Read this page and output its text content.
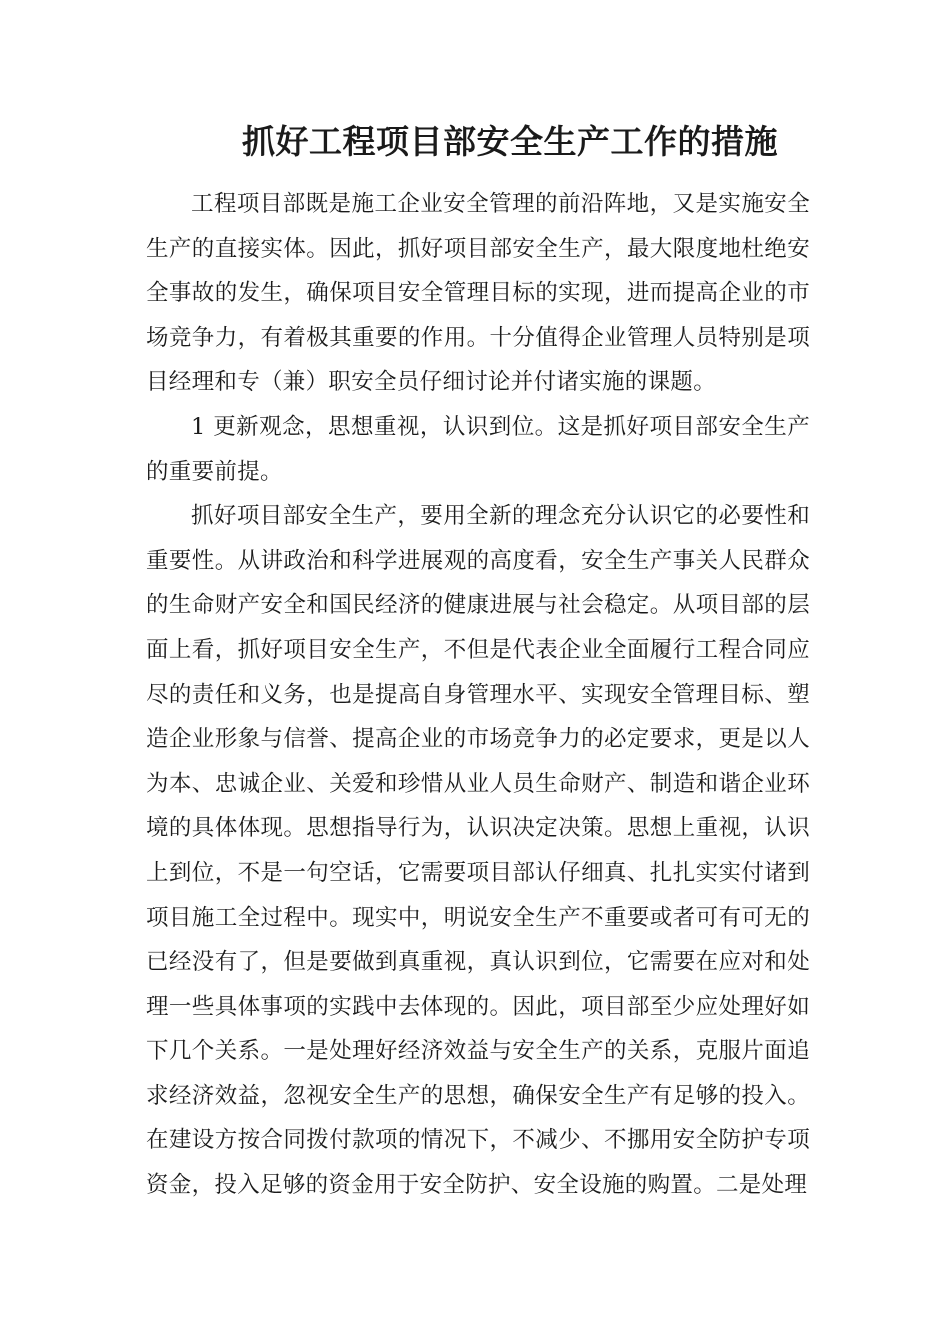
抓好工程项目部安全生产工作的措施

工程项目部既是施工企业安全管理的前沿阵地，又是实施安全生产的直接实体。因此，抓好项目部安全生产，最大限度地杜绝安全事故的发生，确保项目安全管理目标的实现，进而提高企业的市场竞争力，有着极其重要的作用。十分值得企业管理人员特别是项目经理和专（兼）职安全员仔细讨论并付诸实施的课题。

1 更新观念，思想重视，认识到位。这是抓好项目部安全生产的重要前提。

抓好项目部安全生产，要用全新的理念充分认识它的必要性和重要性。从讲政治和科学进展观的高度看，安全生产事关人民群众的生命财产安全和国民经济的健康进展与社会稳定。从项目部的层面上看，抓好项目安全生产，不但是代表企业全面履行工程合同应尽的责任和义务，也是提高自身管理水平、实现安全管理目标、塑造企业形象与信誉、提高企业的市场竞争力的必定要求，更是以人为本、忠诚企业、关爱和珍惜从业人员生命财产、制造和谐企业环境的具体体现。思想指导行为，认识决定决策。思想上重视，认识上到位，不是一句空话，它需要项目部认仔细真、扎扎实实付诸到项目施工全过程中。现实中，明说安全生产不重要或者可有可无的已经没有了，但是要做到真重视，真认识到位，它需要在应对和处理一些具体事项的实践中去体现的。因此，项目部至少应处理好如下几个关系。一是处理好经济效益与安全生产的关系，克服片面追求经济效益，忽视安全生产的思想，确保安全生产有足够的投入。在建设方按合同拨付款项的情况下，不减少、不挪用安全防护专项资金，投入足够的资金用于安全防护、安全设施的购置。二是处理
